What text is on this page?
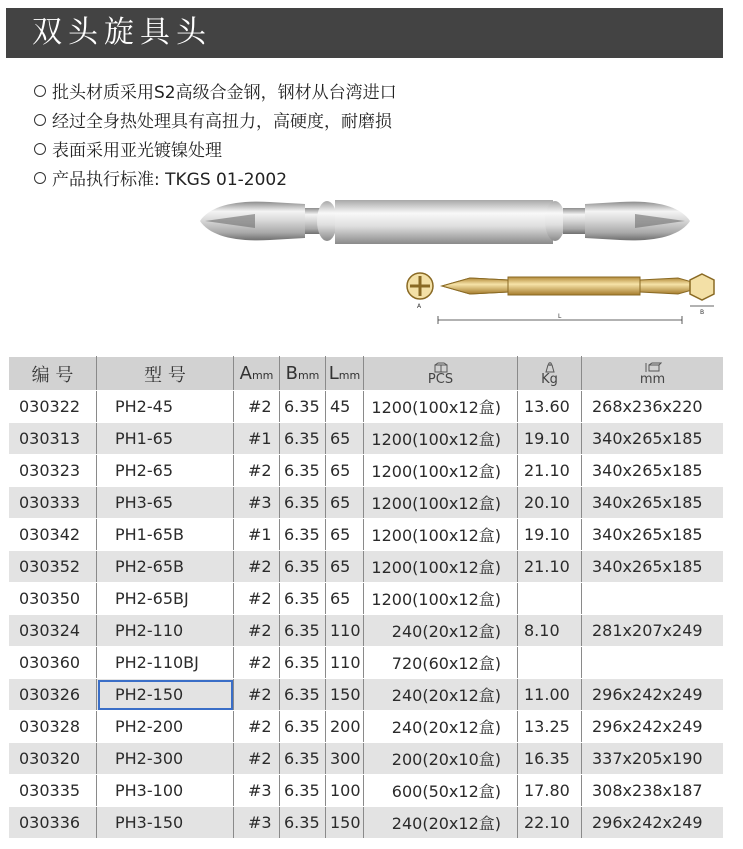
双头旋具头
批头材质采用S2高级合金钢，钢材从台湾进口
经过全身热处理具有高扭力，高硬度，耐磨损
表面采用亚光镀镍处理
产品执行标准: TKGS 01-2002
A
L
B
编 号	型 号	Amm	Bmm	Lmm	PCS	Kg	mm

030322	PH2-45	#2	6.35	45	1200(100x12盒)	13.60	268x236x220
030313	PH1-65	#1	6.35	65	1200(100x12盒)	19.10	340x265x185
030323	PH2-65	#2	6.35	65	1200(100x12盒)	21.10	340x265x185
030333	PH3-65	#3	6.35	65	1200(100x12盒)	20.10	340x265x185
030342	PH1-65B	#1	6.35	65	1200(100x12盒)	19.10	340x265x185
030352	PH2-65B	#2	6.35	65	1200(100x12盒)	21.10	340x265x185
030350	PH2-65BJ	#2	6.35	65	1200(100x12盒)		
030324	PH2-110	#2	6.35	110	240(20x12盒)	8.10	281x207x249
030360	PH2-110BJ	#2	6.35	110	720(60x12盒)		
030326	PH2-150	#2	6.35	150	240(20x12盒)	11.00	296x242x249
030328	PH2-200	#2	6.35	200	240(20x12盒)	13.25	296x242x249
030320	PH2-300	#2	6.35	300	200(20x10盒)	16.35	337x205x190
030335	PH3-100	#3	6.35	100	600(50x12盒)	17.80	308x238x187
030336	PH3-150	#3	6.35	150	240(20x12盒)	22.10	296x242x249
